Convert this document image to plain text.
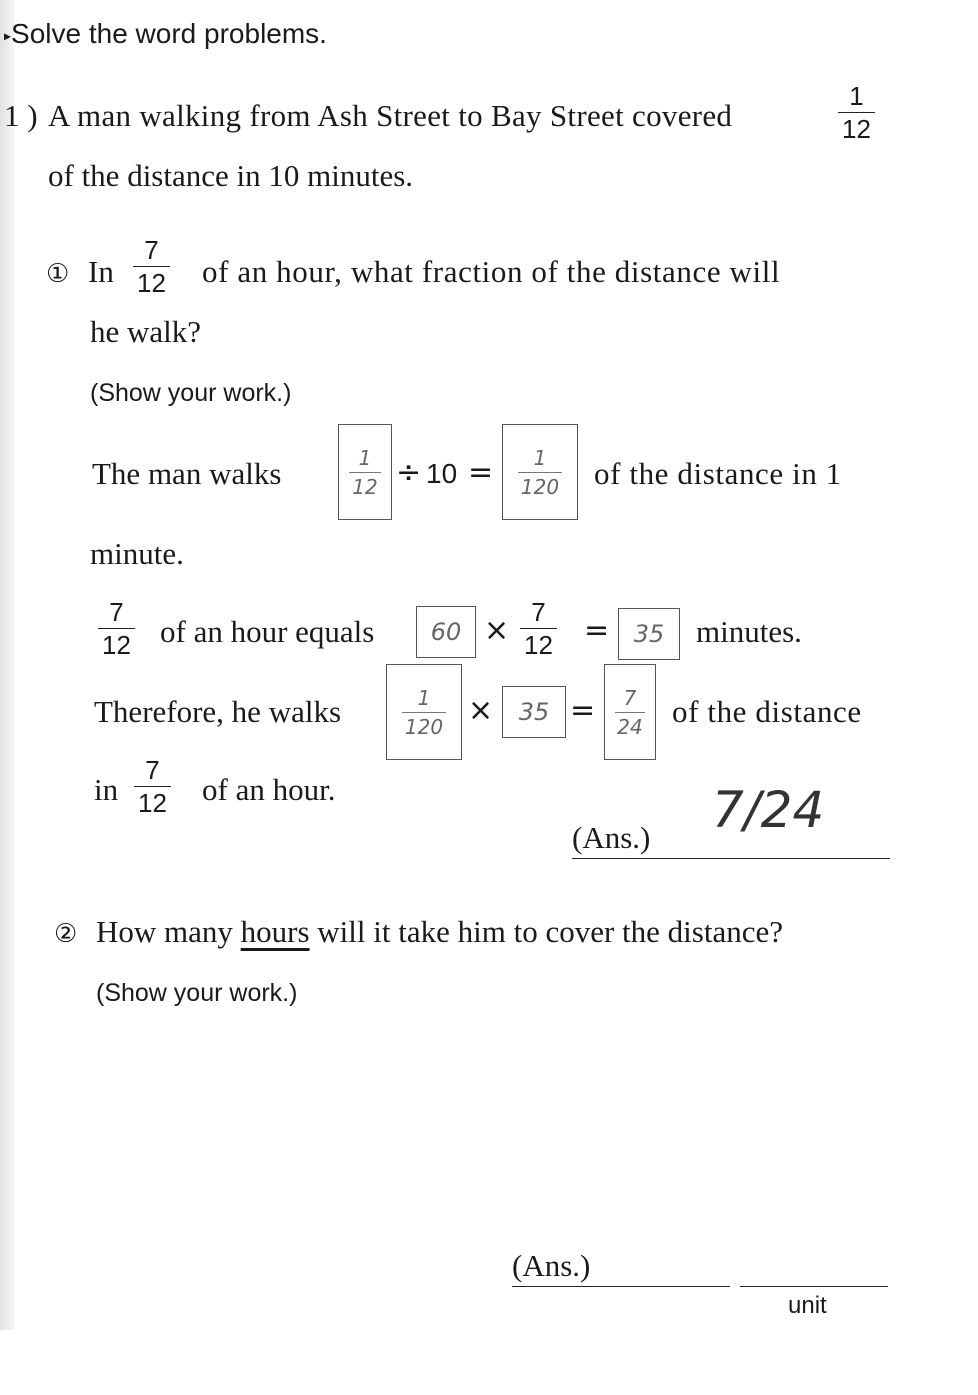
▸Solve the word problems.
1 ) A man walking from Ash Street to Bay Street covered
1
12
of the distance in 10 minutes.
① In
7
12 of an hour, what fraction of the distance will
he walk?
(Show your work.)
The man walks	1
12 ÷ 10 = 1
120 of the distance in 1
minute.
7
12 of an hour equals	60 ×
7
12 =	35	minutes.
Therefore, he walks	1
120 ×	35 = 7
24 of the distance
in
7
12 of an hour.
(Ans.) 7/24
② How many hours will it take him to cover the distance?
(Show your work.)
(Ans.)
unit
